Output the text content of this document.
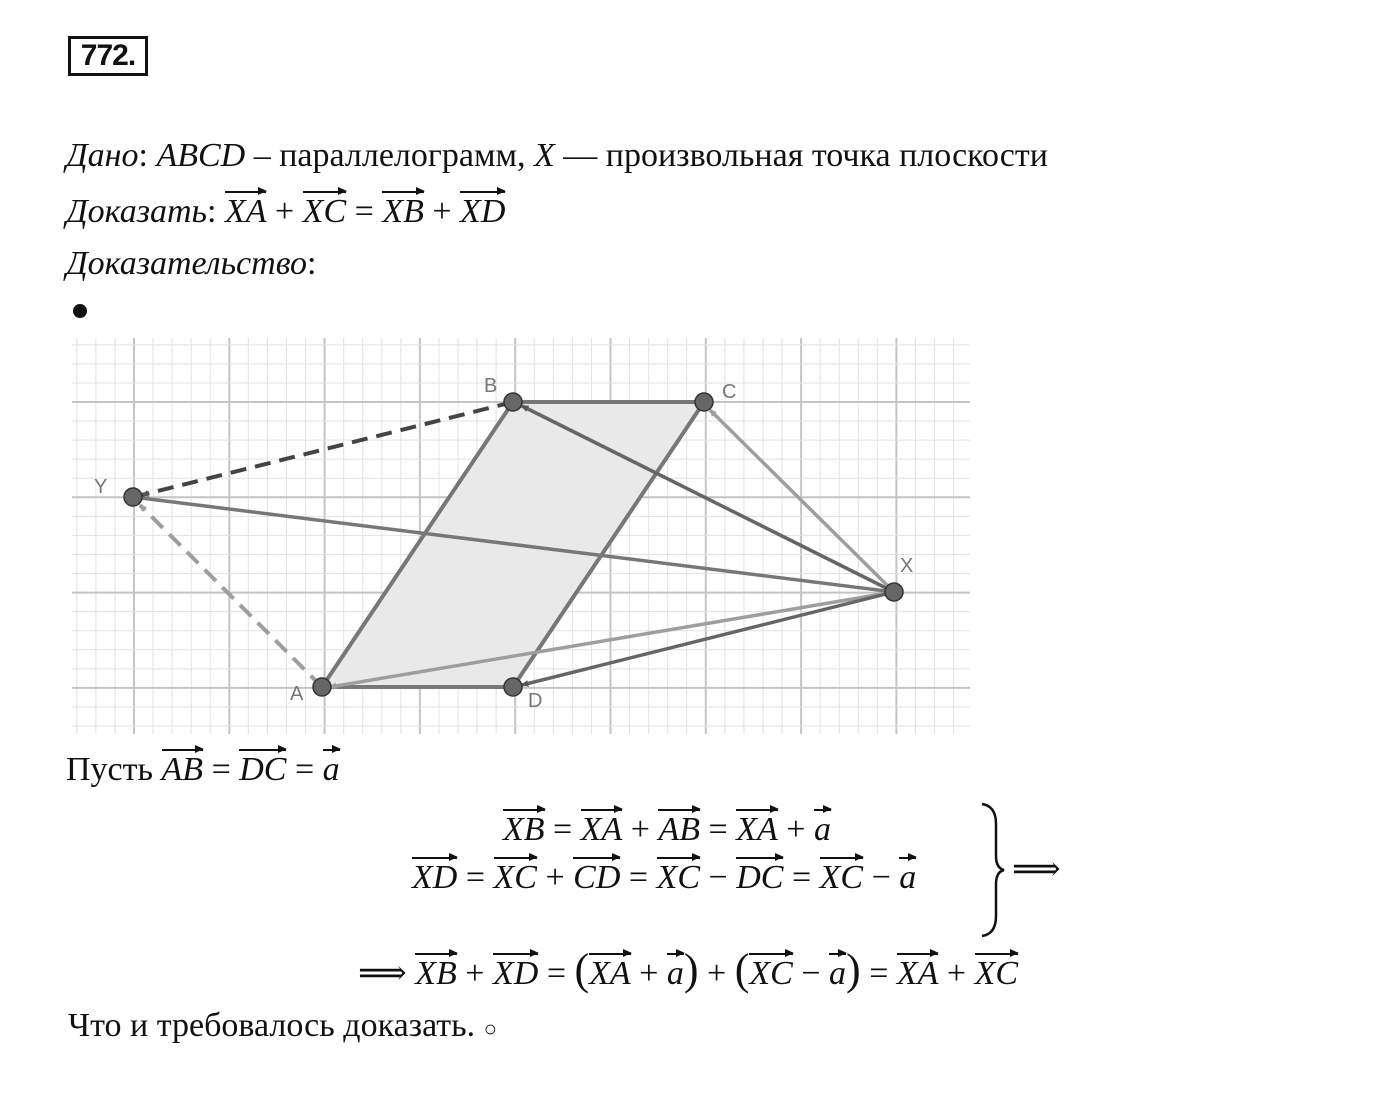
772.
Дано: ABCD – параллелограмм, X — произвольная точка плоскости
Доказать: XA + XC = XB + XD
Доказательство:
A
B	C
D
X
Y
Пусть AB = DC = a
XB = XA + AB = XA + a
XD = XC + CD = XC − DC = XC − a	⟹
⟹ XB + XD = (XA + a) + (XC − a) = XA + XC
Что и требовалось доказать. ○
